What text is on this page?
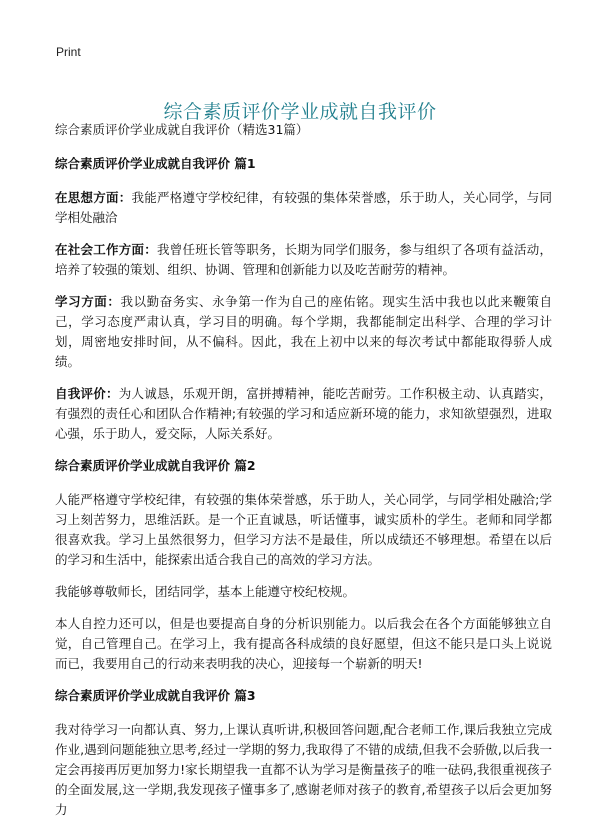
Print
综合素质评价学业成就自我评价

综合素质评价学业成就自我评价（精选31篇）

综合素质评价学业成就自我评价 篇1

在思想方面：我能严格遵守学校纪律，有较强的集体荣誉感，乐于助人，关心同学，与同学相处融洽

在社会工作方面：我曾任班长管等职务，长期为同学们服务，参与组织了各项有益活动，培养了较强的策划、组织、协调、管理和创新能力以及吃苦耐劳的精神。

学习方面：我以勤奋务实、永争第一作为自己的座佑铭。现实生活中我也以此来鞭策自己，学习态度严肃认真，学习目的明确。每个学期，我都能制定出科学、合理的学习计划，周密地安排时间，从不偏科。因此，我在上初中以来的每次考试中都能取得骄人成绩。

自我评价：为人诚恳，乐观开朗，富拼搏精神，能吃苦耐劳。工作积极主动、认真踏实，有强烈的责任心和团队合作精神;有较强的学习和适应新环境的能力，求知欲望强烈，进取心强，乐于助人，爱交际，人际关系好。

综合素质评价学业成就自我评价 篇2

人能严格遵守学校纪律，有较强的集体荣誉感，乐于助人，关心同学，与同学相处融洽;学习上刻苦努力，思维活跃。是一个正直诚恳，听话懂事，诚实质朴的学生。老师和同学都很喜欢我。学习上虽然很努力，但学习方法不是最佳，所以成绩还不够理想。希望在以后的学习和生活中，能探索出适合我自己的高效的学习方法。

我能够尊敬师长，团结同学，基本上能遵守校纪校规。

本人自控力还可以，但是也要提高自身的分析识别能力。以后我会在各个方面能够独立自觉，自己管理自己。在学习上，我有提高各科成绩的良好愿望，但这不能只是口头上说说而已，我要用自己的行动来表明我的决心，迎接每一个崭新的明天!

综合素质评价学业成就自我评价 篇3

我对待学习一向都认真、努力,上课认真听讲,积极回答问题,配合老师工作,课后我独立完成作业,遇到问题能独立思考,经过一学期的努力,我取得了不错的成绩,但我不会骄傲,以后我一定会再接再厉更加努力!家长期望我一直都不认为学习是衡量孩子的唯一砝码,我很重视孩子的全面发展,这一学期,我发现孩子懂事多了,感谢老师对孩子的教育,希望孩子以后会更加努力
